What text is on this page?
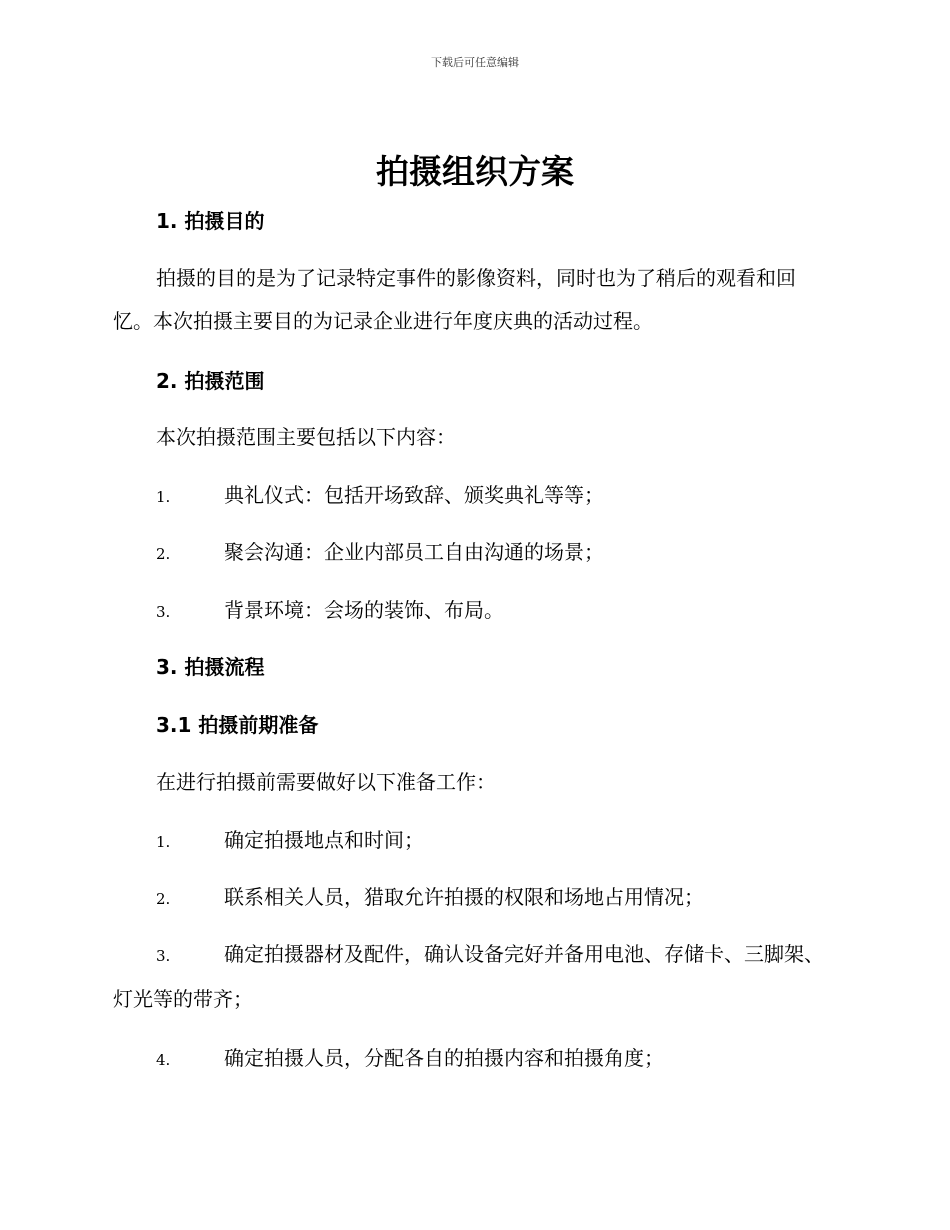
下载后可任意编辑
拍摄组织方案
1. 拍摄目的

拍摄的目的是为了记录特定事件的影像资料，同时也为了稍后的观看和回忆。本次拍摄主要目的为记录企业进行年度庆典的活动过程。

2. 拍摄范围

本次拍摄范围主要包括以下内容：

1.	典礼仪式：包括开场致辞、颁奖典礼等等；

2.	聚会沟通：企业内部员工自由沟通的场景；

3.	背景环境：会场的装饰、布局。

3. 拍摄流程
3.1 拍摄前期准备

在进行拍摄前需要做好以下准备工作：

1.	确定拍摄地点和时间；

2.	联系相关人员，猎取允许拍摄的权限和场地占用情况；

3.	确定拍摄器材及配件，确认设备完好并备用电池、存储卡、三脚架、灯光等的带齐；

4.	确定拍摄人员，分配各自的拍摄内容和拍摄角度；
